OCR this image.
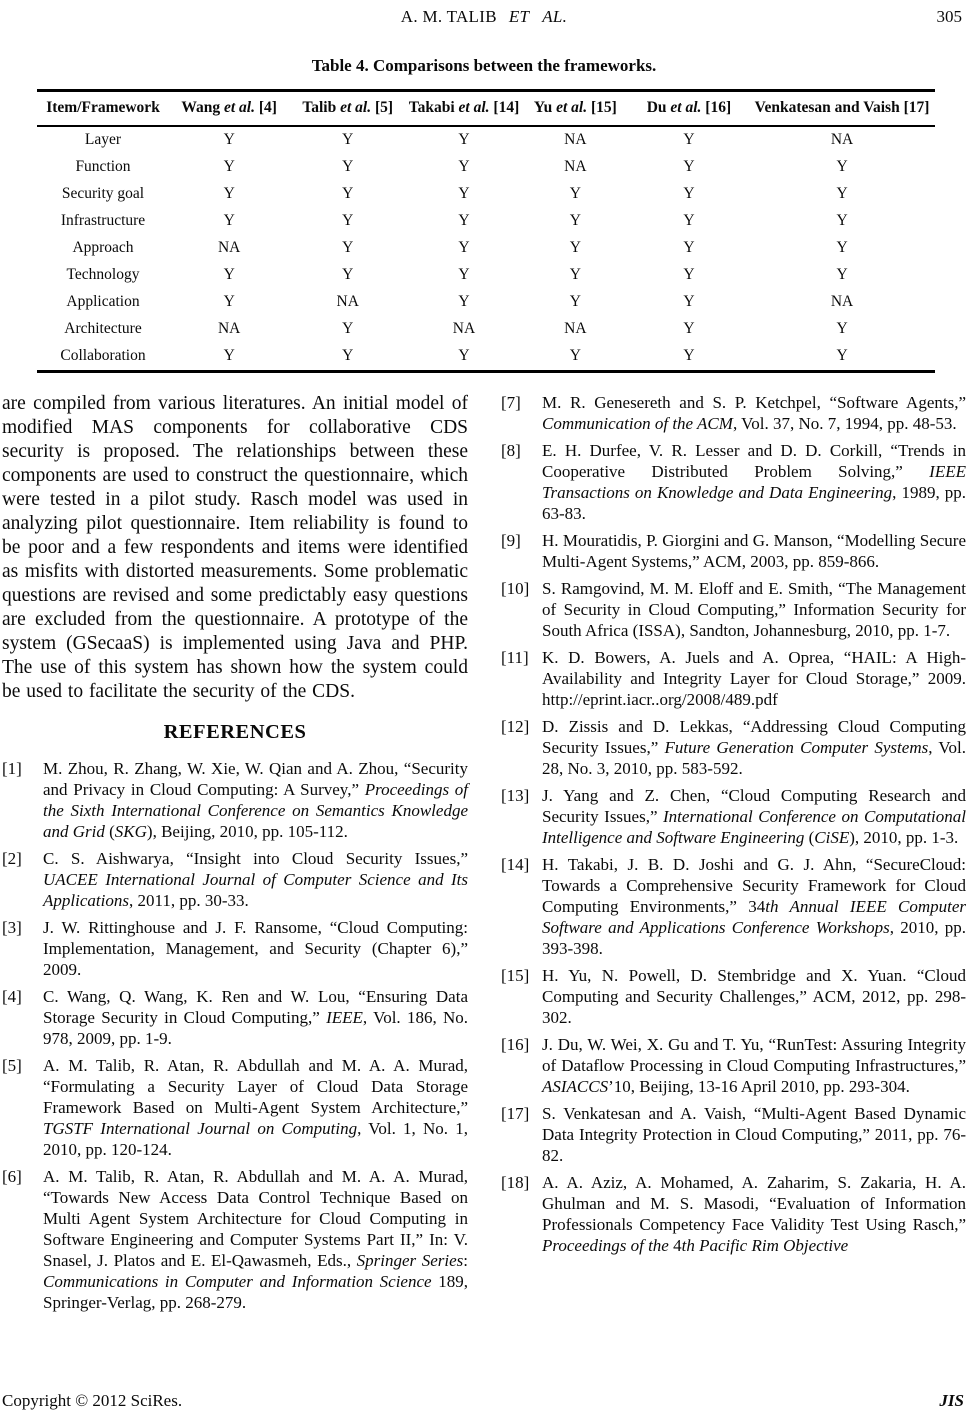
A. M. TALIB ET AL.	305
Table 4. Comparisons between the frameworks.
Item/Framework	Wang et al. [4]	Talib et al. [5]	Takabi et al. [14]	Yu et al. [15]	Du et al. [16]	Venkatesan and Vaish [17]
Layer	Y	Y	Y	NA	Y	NA
Function	Y	Y	Y	NA	Y	Y
Security goal	Y	Y	Y	Y	Y	Y
Infrastructure	Y	Y	Y	Y	Y	Y
Approach	NA	Y	Y	Y	Y	Y
Technology	Y	Y	Y	Y	Y	Y
Application	Y	NA	Y	Y	Y	NA
Architecture	NA	Y	NA	NA	Y	Y
Collaboration	Y	Y	Y	Y	Y	Y

are compiled from various literatures. An initial model of modified MAS components for collaborative CDS security is proposed. The relationships between these components are used to construct the questionnaire, which were tested in a pilot study. Rasch model was used in analyzing pilot questionnaire. Item reliability is found to be poor and a few respondents and items were identified as misfits with distorted measurements. Some problematic questions are revised and some predictably easy questions are excluded from the questionnaire. A prototype of the system (GSecaaS) is implemented using Java and PHP. The use of this system has shown how the system could be used to facilitate the security of the CDS.

REFERENCES
[1] M. Zhou, R. Zhang, W. Xie, W. Qian and A. Zhou, “Security and Privacy in Cloud Computing: A Survey,” Proceedings of the Sixth International Conference on Semantics Knowledge and Grid (SKG), Beijing, 2010, pp. 105-112.
[2] C. S. Aishwarya, “Insight into Cloud Security Issues,” UACEE International Journal of Computer Science and Its Applications, 2011, pp. 30-33.
[3] J. W. Rittinghouse and J. F. Ransome, “Cloud Computing: Implementation, Management, and Security (Chapter 6),” 2009.
[4] C. Wang, Q. Wang, K. Ren and W. Lou, “Ensuring Data Storage Security in Cloud Computing,” IEEE, Vol. 186, No. 978, 2009, pp. 1-9.
[5] A. M. Talib, R. Atan, R. Abdullah and M. A. A. Murad, “Formulating a Security Layer of Cloud Data Storage Framework Based on Multi-Agent System Architecture,” TGSTF International Journal on Computing, Vol. 1, No. 1, 2010, pp. 120-124.
[6] A. M. Talib, R. Atan, R. Abdullah and M. A. A. Murad, “Towards New Access Data Control Technique Based on Multi Agent System Architecture for Cloud Computing in Software Engineering and Computer Systems Part II,” In: V. Snasel, J. Platos and E. El-Qawasmeh, Eds., Springer Series: Communications in Computer and Information Science 189, Springer-Verlag, pp. 268-279.
[7] M. R. Genesereth and S. P. Ketchpel, “Software Agents,” Communication of the ACM, Vol. 37, No. 7, 1994, pp. 48-53.
[8] E. H. Durfee, V. R. Lesser and D. D. Corkill, “Trends in Cooperative Distributed Problem Solving,” IEEE Transactions on Knowledge and Data Engineering, 1989, pp. 63-83.
[9] H. Mouratidis, P. Giorgini and G. Manson, “Modelling Secure Multi-Agent Systems,” ACM, 2003, pp. 859-866.
[10] S. Ramgovind, M. M. Eloff and E. Smith, “The Management of Security in Cloud Computing,” Information Security for South Africa (ISSA), Sandton, Johannesburg, 2010, pp. 1-7.
[11] K. D. Bowers, A. Juels and A. Oprea, “HAIL: A High-Availability and Integrity Layer for Cloud Storage,” 2009. http://eprint.iacr..org/2008/489.pdf
[12] D. Zissis and D. Lekkas, “Addressing Cloud Computing Security Issues,” Future Generation Computer Systems, Vol. 28, No. 3, 2010, pp. 583-592.
[13] J. Yang and Z. Chen, “Cloud Computing Research and Security Issues,” International Conference on Computational Intelligence and Software Engineering (CiSE), 2010, pp. 1-3.
[14] H. Takabi, J. B. D. Joshi and G. J. Ahn, “SecureCloud: Towards a Comprehensive Security Framework for Cloud Computing Environments,” 34th Annual IEEE Computer Software and Applications Conference Workshops, 2010, pp. 393-398.
[15] H. Yu, N. Powell, D. Stembridge and X. Yuan. “Cloud Computing and Security Challenges,” ACM, 2012, pp. 298-302.
[16] J. Du, W. Wei, X. Gu and T. Yu, “RunTest: Assuring Integrity of Dataflow Processing in Cloud Computing Infrastructures,” ASIACCS’10, Beijing, 13-16 April 2010, pp. 293-304.
[17] S. Venkatesan and A. Vaish, “Multi-Agent Based Dynamic Data Integrity Protection in Cloud Computing,” 2011, pp. 76-82.
[18] A. A. Aziz, A. Mohamed, A. Zaharim, S. Zakaria, H. A. Ghulman and M. S. Masodi, “Evaluation of Information Professionals Competency Face Validity Test Using Rasch,” Proceedings of the 4th Pacific Rim Objective
Copyright © 2012 SciRes.	JIS
